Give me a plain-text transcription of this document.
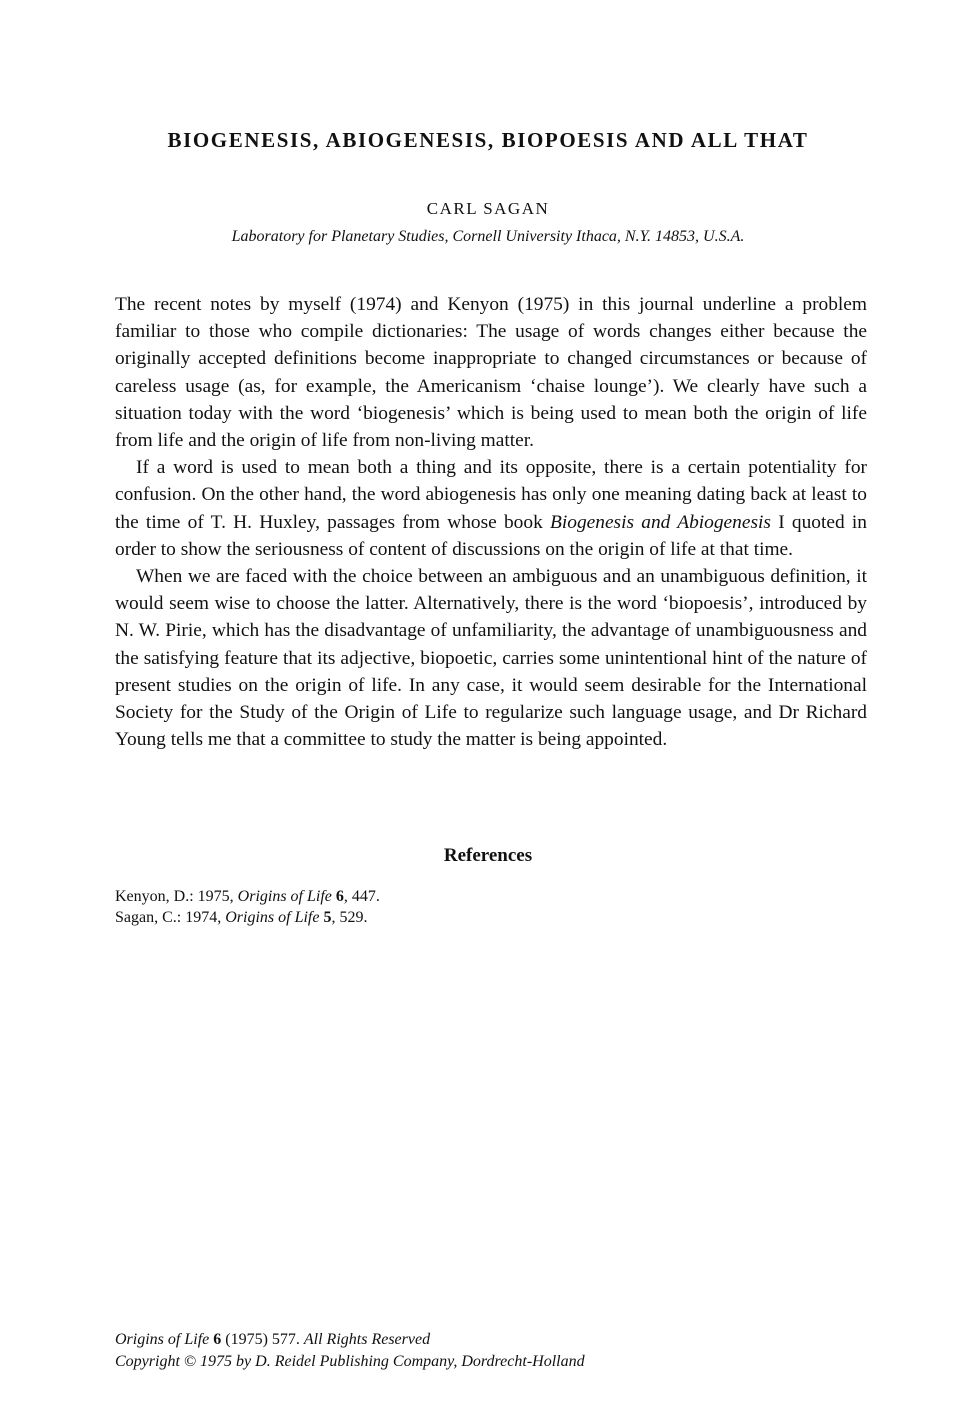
BIOGENESIS, ABIOGENESIS, BIOPOESIS AND ALL THAT
CARL SAGAN
Laboratory for Planetary Studies, Cornell University Ithaca, N.Y. 14853, U.S.A.

The recent notes by myself (1974) and Kenyon (1975) in this journal underline a problem familiar to those who compile dictionaries: The usage of words changes either because the originally accepted definitions become inappropriate to changed circumstances or because of careless usage (as, for example, the Americanism ‘chaise lounge’). We clearly have such a situation today with the word ‘biogenesis’ which is being used to mean both the origin of life from life and the origin of life from non-living matter.

If a word is used to mean both a thing and its opposite, there is a certain potentiality for confusion. On the other hand, the word abiogenesis has only one meaning dating back at least to the time of T. H. Huxley, passages from whose book Biogenesis and Abiogenesis I quoted in order to show the seriousness of content of discussions on the origin of life at that time.

When we are faced with the choice between an ambiguous and an unambiguous definition, it would seem wise to choose the latter. Alternatively, there is the word ‘biopoesis’, introduced by N. W. Pirie, which has the disadvantage of unfamiliarity, the advantage of unambiguousness and the satisfying feature that its adjective, biopoetic, carries some unintentional hint of the nature of present studies on the origin of life. In any case, it would seem desirable for the International Society for the Study of the Origin of Life to regularize such language usage, and Dr Richard Young tells me that a committee to study the matter is being appointed.

References
Kenyon, D.: 1975, Origins of Life 6, 447.
Sagan, C.: 1974, Origins of Life 5, 529.
Origins of Life 6 (1975) 577. All Rights Reserved
Copyright © 1975 by D. Reidel Publishing Company, Dordrecht-Holland
